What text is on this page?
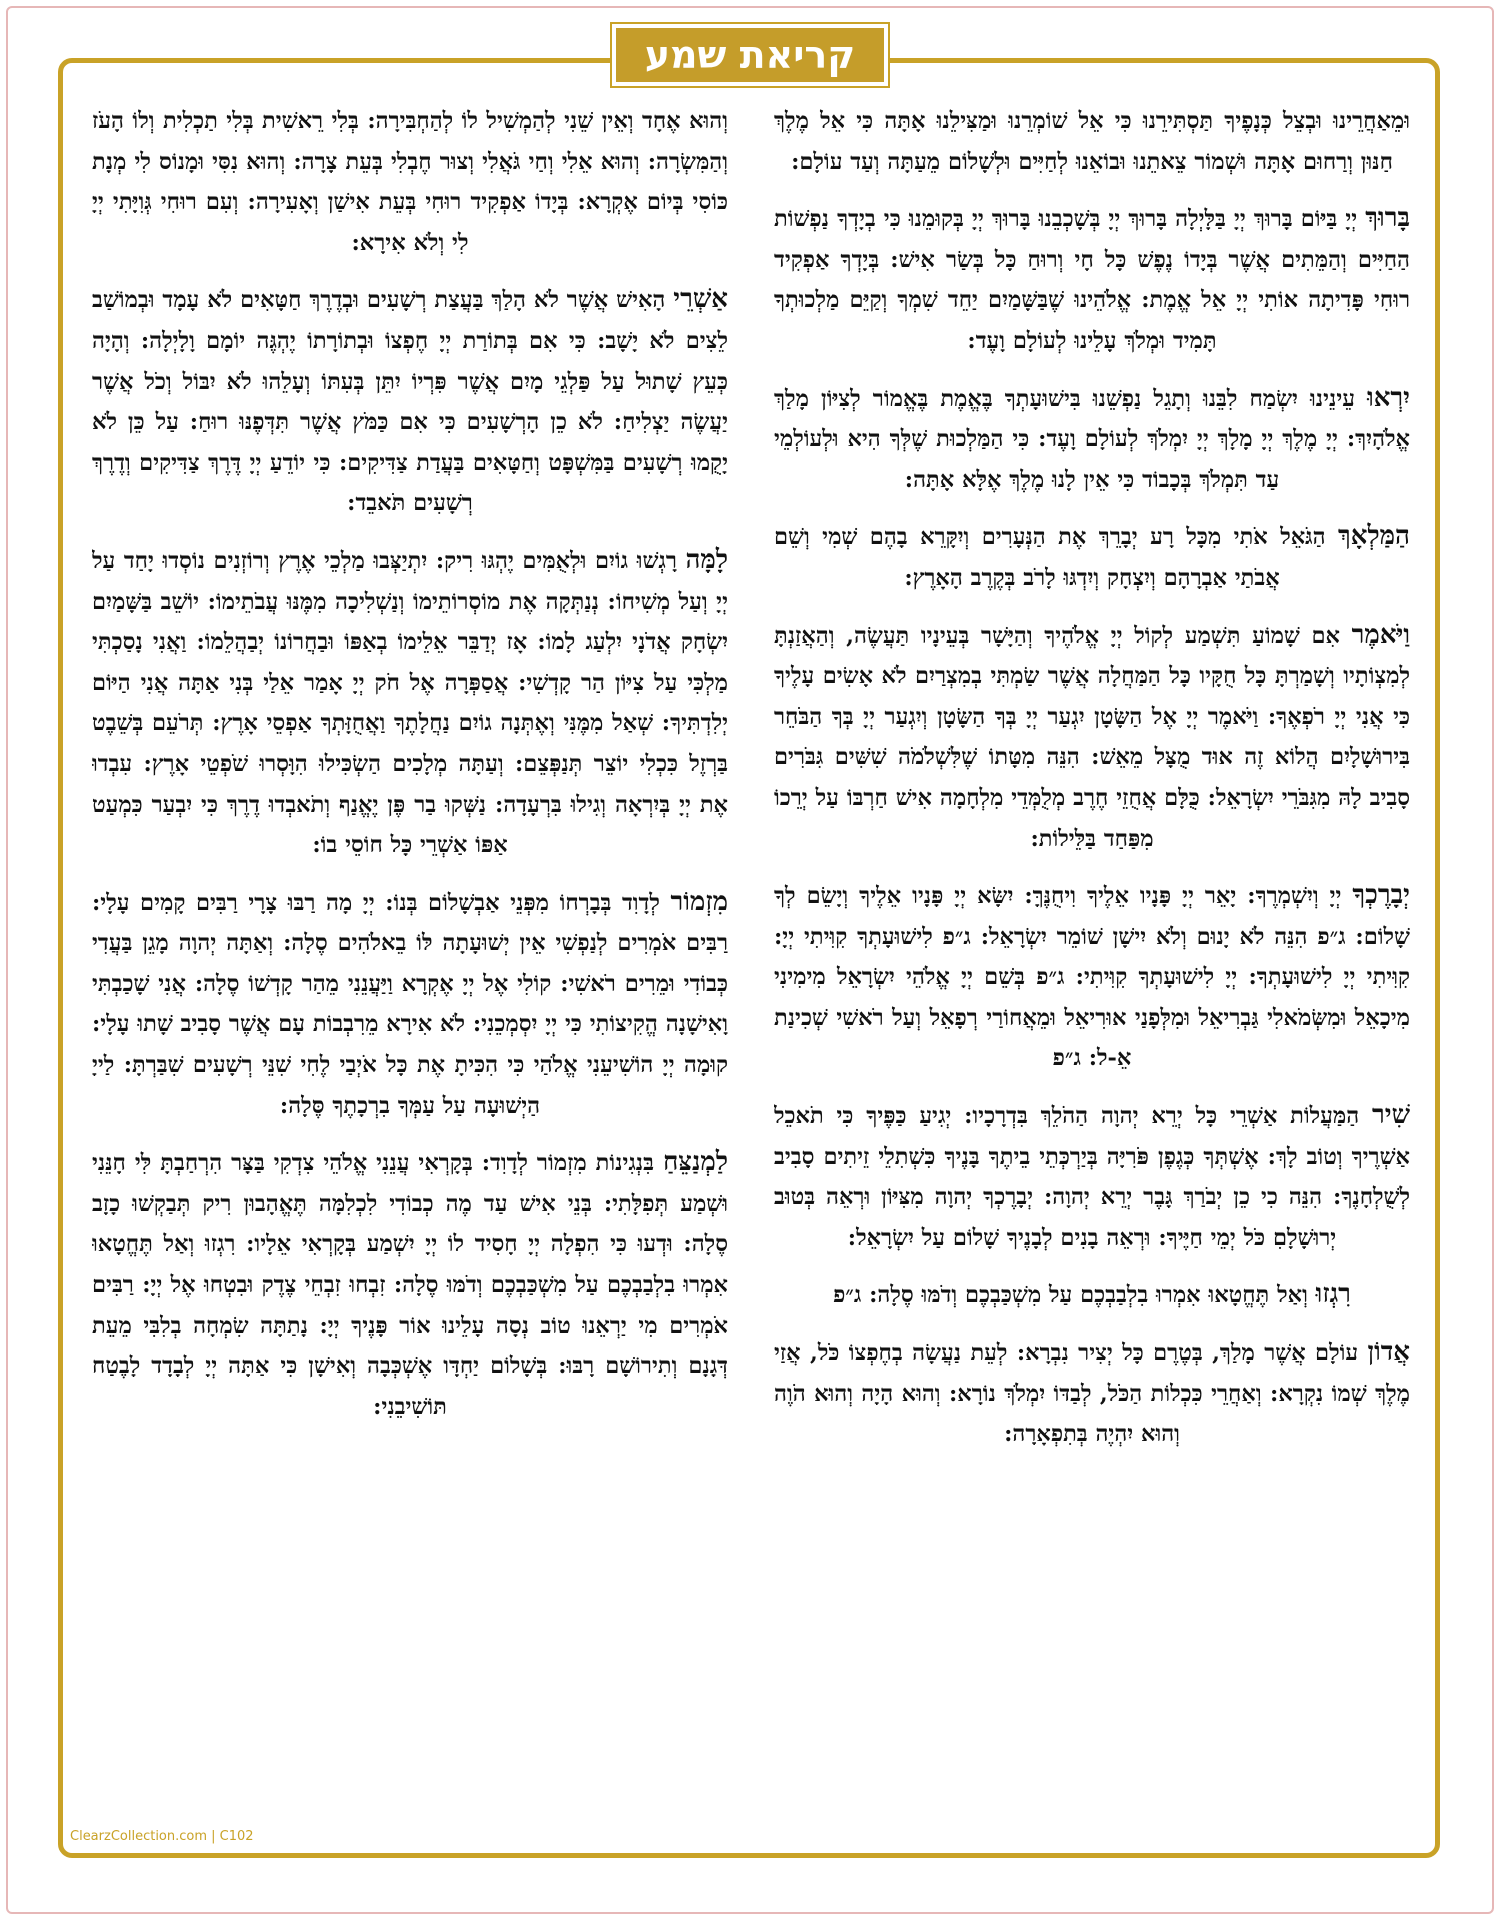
קריאת שמע

וּמֵאַחֲרֵינוּ וּבְצֵל כְּנָפֶיךָ תַּסְתִּירֵנוּ כִּי אֵל שׁוֹמְרֵנוּ וּמַצִּילֵנוּ אָתָּה כִּי אֵל מֶלֶךְ חַנּוּן וְרַחוּם אָתָּה וּשְׁמוֹר צֵאתֵנוּ וּבוֹאֵנוּ לְחַיִּים וּלְשָׁלוֹם מֵעַתָּה וְעַד עוֹלָם:

בָּרוּךְ יְיָ בַּיּוֹם בָּרוּךְ יְיָ בַּלָּיְלָה בָּרוּךְ יְיָ בְּשָׁכְבֵנוּ בָּרוּךְ יְיָ בְּקוּמֵנוּ כִּי בְיָדְךָ נַפְשׁוֹת הַחַיִּים וְהַמֵּתִים אֲשֶׁר בְּיָדוֹ נֶפֶשׁ כָּל חָי וְרוּחַ כָּל בְּשַׂר אִישׁ: בְּיָדְךָ אַפְקִיד רוּחִי פָּדִיתָה אוֹתִי יְיָ אֵל אֱמֶת: אֱלֹהֵינוּ שֶׁבַּשָּׁמַיִם יַחֵד שִׁמְךָ וְקַיֵּם מַלְכוּתְךָ תָּמִיד וּמְלֹךְ עָלֵינוּ לְעוֹלָם וָעֶד:

יִרְאוּ עֵינֵינוּ יִשְׂמַח לִבֵּנוּ וְתָגֵל נַפְשֵׁנוּ בִּישׁוּעָתְךָ בֶּאֱמֶת בֶּאֱמוֹר לְצִיּוֹן מָלַךְ אֱלֹהָיִךְ: יְיָ מֶלֶךְ יְיָ מָלָךְ יְיָ יִמְלֹךְ לְעוֹלָם וָעֶד: כִּי הַמַּלְכוּת שֶׁלְּךָ הִיא וּלְעוֹלְמֵי עַד תִּמְלֹךְ בְּכָבוֹד כִּי אֵין לָנוּ מֶלֶךְ אֶלָּא אָתָּה:

הַמַּלְאָךְ הַגֹּאֵל אֹתִי מִכָּל רָע יְבָרֵךְ אֶת הַנְּעָרִים וְיִקָּרֵא בָהֶם שְׁמִי וְשֵׁם אֲבֹתַי אַבְרָהָם וְיִצְחָק וְיִדְגּוּ לָרֹב בְּקֶרֶב הָאָרֶץ:

וַיֹּאמֶר אִם שָׁמוֹעַ תִּשְׁמַע לְקוֹל יְיָ אֱלֹהֶיךָ וְהַיָּשָׁר בְּעֵינָיו תַּעֲשֶׂה, וְהַאֲזַנְתָּ לְמִצְוֹתָיו וְשָׁמַרְתָּ כָּל חֻקָּיו כָּל הַמַּחֲלָה אֲשֶׁר שַׂמְתִּי בְמִצְרַיִם לֹא אָשִׂים עָלֶיךָ כִּי אֲנִי יְיָ רֹפְאֶךָ: וַיֹּאמֶר יְיָ אֶל הַשָּׂטָן יִגְעַר יְיָ בְּךָ הַשָּׂטָן וְיִגְעַר יְיָ בְּךָ הַבֹּחֵר בִּירוּשָׁלָיִם הֲלוֹא זֶה אוּד מֻצָּל מֵאֵשׁ: הִנֵּה מִטָּתוֹ שֶׁלִּשְׁלֹמֹה שִׁשִּׁים גִּבֹּרִים סָבִיב לָהּ מִגִּבֹּרֵי יִשְׂרָאֵל: כֻּלָּם אֲחֻזֵי חֶרֶב מְלֻמְּדֵי מִלְחָמָה אִישׁ חַרְבּוֹ עַל יְרֵכוֹ מִפַּחַד בַּלֵּילוֹת:

יְבָרֶכְךָ יְיָ וְיִשְׁמְרֶךָ: יָאֵר יְיָ פָּנָיו אֵלֶיךָ וִיחֻנֶּךָּ: יִשָּׂא יְיָ פָּנָיו אֵלֶיךָ וְיָשֵׂם לְךָ שָׁלוֹם: ג״פ הִנֵּה לֹא יָנוּם וְלֹא יִישָׁן שׁוֹמֵר יִשְׂרָאֵל: ג״פ לִישׁוּעָתְךָ קִוִּיתִי יְיָ: קִוִּיתִי יְיָ לִישׁוּעָתְךָ: יְיָ לִישׁוּעָתְךָ קִוִּיתִי: ג״פ בְּשֵׁם יְיָ אֱלֹהֵי יִשְׂרָאֵל מִימִינִי מִיכָאֵל וּמִשְּׂמֹאלִי גַּבְרִיאֵל וּמִלְּפָנַי אוּרִיאֵל וּמֵאֲחוֹרַי רְפָאֵל וְעַל רֹאשִׁי שְׁכִינַת אֵ-ל: ג״פ

שִׁיר הַמַּעֲלוֹת אַשְׁרֵי כָּל יְרֵא יְהוָה הַהֹלֵךְ בִּדְרָכָיו: יְגִיעַ כַּפֶּיךָ כִּי תֹאכֵל אַשְׁרֶיךָ וְטוֹב לָךְ: אֶשְׁתְּךָ כְּגֶפֶן פֹּרִיָּה בְּיַרְכְּתֵי בֵיתֶךָ בָּנֶיךָ כִּשְׁתִלֵי זֵיתִים סָבִיב לְשֻׁלְחָנֶךָ: הִנֵּה כִי כֵן יְבֹרַךְ גָּבֶר יְרֵא יְהוָה: יְבָרֶכְךָ יְהוָה מִצִּיּוֹן וּרְאֵה בְּטוּב יְרוּשָׁלָםִ כֹּל יְמֵי חַיֶּיךָ: וּרְאֵה בָנִים לְבָנֶיךָ שָׁלוֹם עַל יִשְׂרָאֵל:

רִגְזוּ וְאַל תֶּחֱטָאוּ אִמְרוּ בִלְבַבְכֶם עַל מִשְׁכַּבְכֶם וְדֹמּוּ סֶלָה: ג״פ

אֲדוֹן עוֹלָם אֲשֶׁר מָלַךְ, בְּטֶרֶם כָּל יְצִיר נִבְרָא: לְעֵת נַעֲשָׂה בְחֶפְצוֹ כֹּל, אֲזַי מֶלֶךְ שְׁמוֹ נִקְרָא: וְאַחֲרֵי כִּכְלוֹת הַכֹּל, לְבַדּוֹ יִמְלֹךְ נוֹרָא: וְהוּא הָיָה וְהוּא הֹוֶה וְהוּא יִהְיֶה בְּתִפְאָרָה:

וְהוּא אֶחָד וְאֵין שֵׁנִי לְהַמְשִׁיל לוֹ לְהַחְבִּירָה: בְּלִי רֵאשִׁית בְּלִי תַכְלִית וְלוֹ הָעֹז וְהַמִּשְׂרָה: וְהוּא אֵלִי וְחַי גֹּאֲלִי וְצוּר חֶבְלִי בְּעֵת צָרָה: וְהוּא נִסִּי וּמָנוֹס לִי מְנָת כּוֹסִי בְּיוֹם אֶקְרָא: בְּיָדוֹ אַפְקִיד רוּחִי בְּעֵת אִישַׁן וְאָעִירָה: וְעִם רוּחִי גְּוִיָּתִי יְיָ לִי וְלֹא אִירָא:

אַשְׁרֵי הָאִישׁ אֲשֶׁר לֹא הָלַךְ בַּעֲצַת רְשָׁעִים וּבְדֶרֶךְ חַטָּאִים לֹא עָמָד וּבְמוֹשַׁב לֵצִים לֹא יָשָׁב: כִּי אִם בְּתוֹרַת יְיָ חֶפְצוֹ וּבְתוֹרָתוֹ יֶהְגֶּה יוֹמָם וָלָיְלָה: וְהָיָה כְּעֵץ שָׁתוּל עַל פַּלְגֵי מָיִם אֲשֶׁר פִּרְיוֹ יִתֵּן בְּעִתּוֹ וְעָלֵהוּ לֹא יִבּוֹל וְכֹל אֲשֶׁר יַעֲשֶׂה יַצְלִיחַ: לֹא כֵן הָרְשָׁעִים כִּי אִם כַּמֹּץ אֲשֶׁר תִּדְּפֶנּוּ רוּחַ: עַל כֵּן לֹא יָקֻמוּ רְשָׁעִים בַּמִּשְׁפָּט וְחַטָּאִים בַּעֲדַת צַדִּיקִים: כִּי יוֹדֵעַ יְיָ דֶּרֶךְ צַדִּיקִים וְדֶרֶךְ רְשָׁעִים תֹּאבֵד:

לָמָּה רָגְשׁוּ גוֹיִם וּלְאֻמִּים יֶהְגּוּ רִיק: יִתְיַצְּבוּ מַלְכֵי אֶרֶץ וְרוֹזְנִים נוֹסְדוּ יָחַד עַל יְיָ וְעַל מְשִׁיחוֹ: נְנַתְּקָה אֶת מוֹסְרוֹתֵימוֹ וְנַשְׁלִיכָה מִמֶּנּוּ עֲבֹתֵימוֹ: יוֹשֵׁב בַּשָּׁמַיִם יִשְׂחָק אֲדֹנָי יִלְעַג לָמוֹ: אָז יְדַבֵּר אֵלֵימוֹ בְאַפּוֹ וּבַחֲרוֹנוֹ יְבַהֲלֵמוֹ: וַאֲנִי נָסַכְתִּי מַלְכִּי עַל צִיּוֹן הַר קָדְשִׁי: אֲסַפְּרָה אֶל חֹק יְיָ אָמַר אֵלַי בְּנִי אַתָּה אֲנִי הַיּוֹם יְלִדְתִּיךָ: שְׁאַל מִמֶּנִּי וְאֶתְּנָה גוֹיִם נַחֲלָתֶךָ וַאֲחֻזָּתְךָ אַפְסֵי אָרֶץ: תְּרֹעֵם בְּשֵׁבֶט בַּרְזֶל כִּכְלִי יוֹצֵר תְּנַפְּצֵם: וְעַתָּה מְלָכִים הַשְׂכִּילוּ הִוָּסְרוּ שֹׁפְטֵי אָרֶץ: עִבְדוּ אֶת יְיָ בְּיִרְאָה וְגִילוּ בִּרְעָדָה: נַשְּׁקוּ בַר פֶּן יֶאֱנַף וְתֹאבְדוּ דֶרֶךְ כִּי יִבְעַר כִּמְעַט אַפּוֹ אַשְׁרֵי כָּל חוֹסֵי בוֹ:

מִזְמוֹר לְדָוִד בְּבָרְחוֹ מִפְּנֵי אַבְשָׁלוֹם בְּנוֹ: יְיָ מָה רַבּוּ צָרָי רַבִּים קָמִים עָלָי: רַבִּים אֹמְרִים לְנַפְשִׁי אֵין יְשׁוּעָתָה לּוֹ בֵאלֹהִים סֶלָה: וְאַתָּה יְהוָה מָגֵן בַּעֲדִי כְּבוֹדִי וּמֵרִים רֹאשִׁי: קוֹלִי אֶל יְיָ אֶקְרָא וַיַּעֲנֵנִי מֵהַר קָדְשׁוֹ סֶלָה: אֲנִי שָׁכַבְתִּי וָאִישָׁנָה הֱקִיצוֹתִי כִּי יְיָ יִסְמְכֵנִי: לֹא אִירָא מֵרִבְבוֹת עָם אֲשֶׁר סָבִיב שָׁתוּ עָלָי: קוּמָה יְיָ הוֹשִׁיעֵנִי אֱלֹהַי כִּי הִכִּיתָ אֶת כָּל אֹיְבַי לֶחִי שִׁנֵּי רְשָׁעִים שִׁבַּרְתָּ: לַייָ הַיְשׁוּעָה עַל עַמְּךָ בִרְכָתֶךָ סֶּלָה:

לַמְנַצֵּחַ בִּנְגִינוֹת מִזְמוֹר לְדָוִד: בְּקָרְאִי עֲנֵנִי אֱלֹהֵי צִדְקִי בַּצָּר הִרְחַבְתָּ לִּי חָנֵּנִי וּשְׁמַע תְּפִלָּתִי: בְּנֵי אִישׁ עַד מֶה כְבוֹדִי לִכְלִמָּה תֶּאֱהָבוּן רִיק תְּבַקְשׁוּ כָזָב סֶלָה: וּדְעוּ כִּי הִפְלָה יְיָ חָסִיד לוֹ יְיָ יִשְׁמַע בְּקָרְאִי אֵלָיו: רִגְזוּ וְאַל תֶּחֱטָאוּ אִמְרוּ בִלְבַבְכֶם עַל מִשְׁכַּבְכֶם וְדֹמּוּ סֶלָה: זִבְחוּ זִבְחֵי צֶדֶק וּבִטְחוּ אֶל יְיָ: רַבִּים אֹמְרִים מִי יַרְאֵנוּ טוֹב נְסָה עָלֵינוּ אוֹר פָּנֶיךָ יְיָ: נָתַתָּה שִׂמְחָה בְלִבִּי מֵעֵת דְּגָנָם וְתִירוֹשָׁם רָבּוּ: בְּשָׁלוֹם יַחְדָּו אֶשְׁכְּבָה וְאִישָׁן כִּי אַתָּה יְיָ לְבָדָד לָבֶטַח תּוֹשִׁיבֵנִי:

ClearzCollection.com | C102
